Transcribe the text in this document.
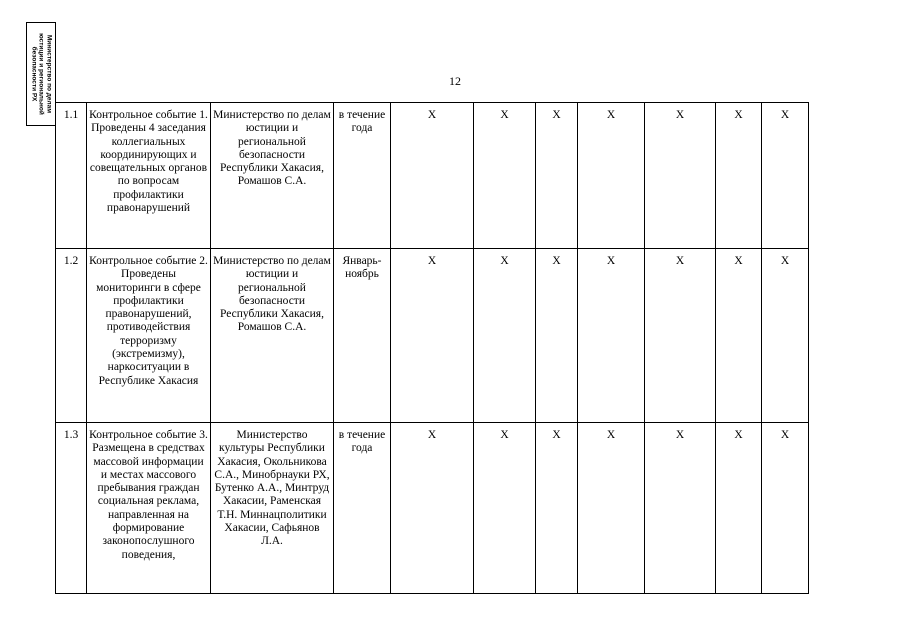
12
Министерство по делам юстиции и региональной безопасности РХ
1.1	Контрольное событие 1. Проведены 4 заседания коллегиальных координирующих и совещательных органов по вопросам профилактики правонарушений	Министерство по делам юстиции и региональной безопасности Республики Хакасия, Ромашов С.А.	в течение года	Х	Х	Х	Х	Х	Х	Х
1.2	Контрольное событие 2. Проведены мониторинги в сфере профилактики правонарушений, противодействия терроризму (экстремизму), наркоситуации в Республике Хакасия	Министерство по делам юстиции и региональной безопасности Республики Хакасия, Ромашов С.А.	Январь-ноябрь	Х	Х	Х	Х	Х	Х	Х
1.3	Контрольное событие 3. Размещена в средствах массовой информации и местах массового пребывания граждан социальная реклама, направленная на формирование законопослушного поведения,	Министерство культуры Республики Хакасия, Окольникова С.А., Минобрнауки РХ, Бутенко А.А., Минтруд Хакасии, Раменская Т.Н. Миннацполитики Хакасии, Сафьянов Л.А.	в течение года	Х	Х	Х	Х	Х	Х	Х
